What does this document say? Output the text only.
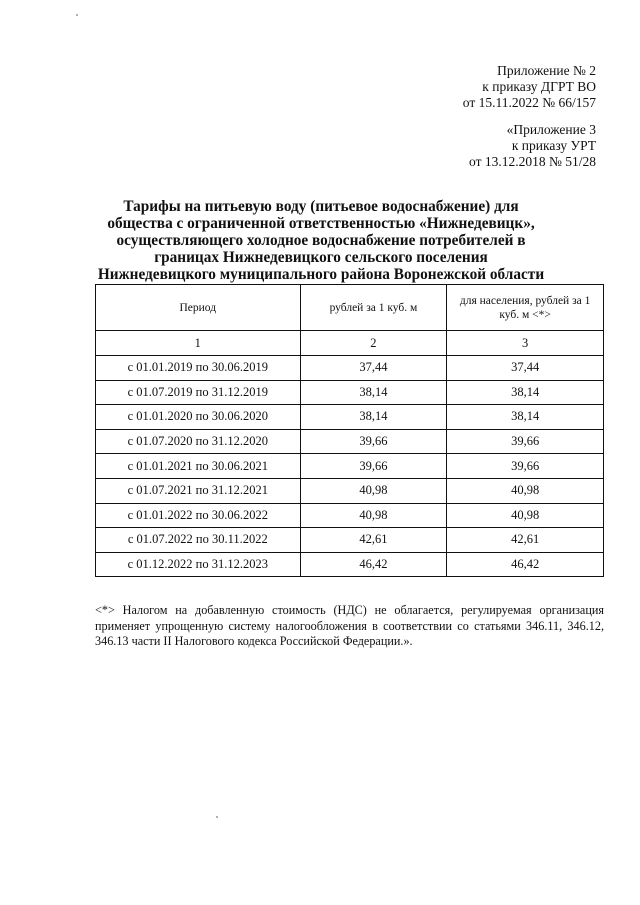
Приложение № 2
к приказу ДГРТ ВО
от 15.11.2022 № 66/157
«Приложение 3
к приказу УРТ
от 13.12.2018 № 51/28
Тарифы на питьевую воду (питьевое водоснабжение) для общества с ограниченной ответственностью «Нижнедевицк», осуществляющего холодное водоснабжение потребителей в границах Нижнедевицкого сельского поселения Нижнедевицкого муниципального района Воронежской области
Период	рублей за 1 куб. м	для населения, рублей за 1 куб. м <*>
1	2	3
с 01.01.2019 по 30.06.2019	37,44	37,44
с 01.07.2019 по 31.12.2019	38,14	38,14
с 01.01.2020 по 30.06.2020	38,14	38,14
с 01.07.2020 по 31.12.2020	39,66	39,66
с 01.01.2021 по 30.06.2021	39,66	39,66
с 01.07.2021 по 31.12.2021	40,98	40,98
с 01.01.2022 по 30.06.2022	40,98	40,98
с 01.07.2022 по 30.11.2022	42,61	42,61
с 01.12.2022 по 31.12.2023	46,42	46,42
<*> Налогом на добавленную стоимость (НДС) не облагается, регулируемая организация применяет упрощенную систему налогообложения в соответствии со статьями 346.11, 346.12, 346.13 части II Налогового кодекса Российской Федерации.».
